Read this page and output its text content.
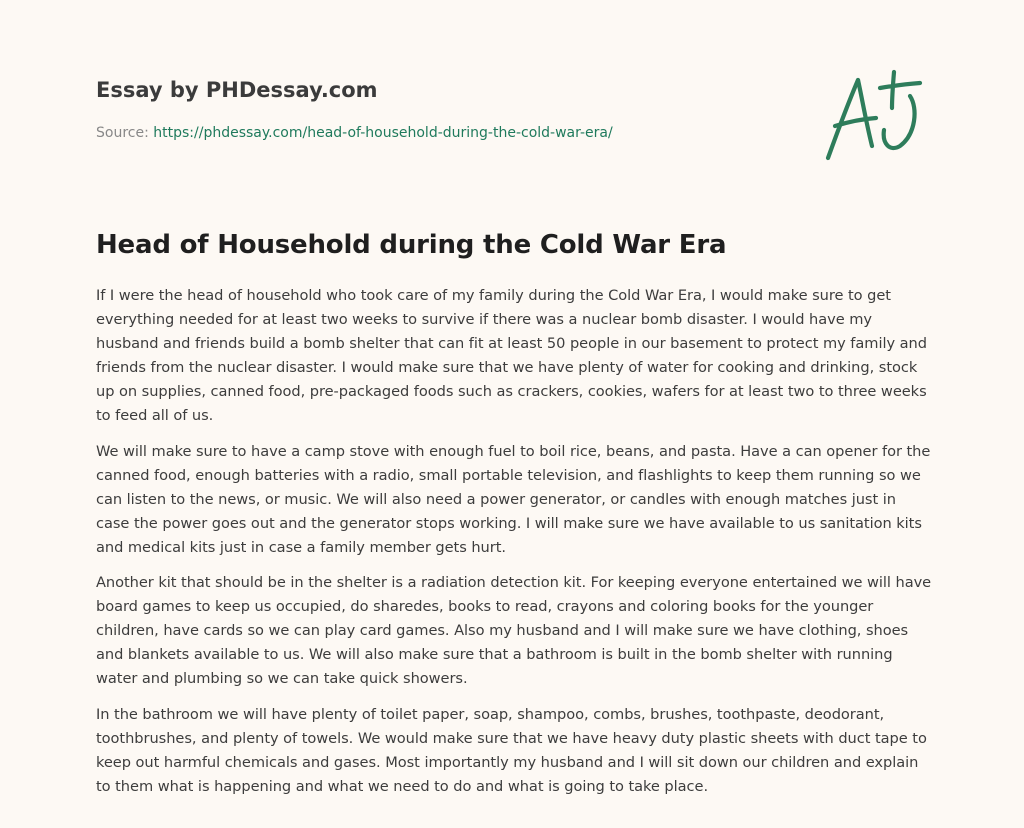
Essay by PHDessay.com
Source: https://phdessay.com/head-of-household-during-the-cold-war-era/
Head of Household during the Cold War Era

If I were the head of household who took care of my family during the Cold War Era, I would make sure to get everything needed for at least two weeks to survive if there was a nuclear bomb disaster. I would have my husband and friends build a bomb shelter that can fit at least 50 people in our basement to protect my family and friends from the nuclear disaster. I would make sure that we have plenty of water for cooking and drinking, stock up on supplies, canned food, pre-packaged foods such as crackers, cookies, wafers for at least two to three weeks to feed all of us.

We will make sure to have a camp stove with enough fuel to boil rice, beans, and pasta. Have a can opener for the canned food, enough batteries with a radio, small portable television, and flashlights to keep them running so we can listen to the news, or music. We will also need a power generator, or candles with enough matches just in case the power goes out and the generator stops working. I will make sure we have available to us sanitation kits and medical kits just in case a family member gets hurt.

Another kit that should be in the shelter is a radiation detection kit. For keeping everyone entertained we will have board games to keep us occupied, do sharedes, books to read, crayons and coloring books for the younger children, have cards so we can play card games. Also my husband and I will make sure we have clothing, shoes and blankets available to us. We will also make sure that a bathroom is built in the bomb shelter with running water and plumbing so we can take quick showers.

In the bathroom we will have plenty of toilet paper, soap, shampoo, combs, brushes, toothpaste, deodorant, toothbrushes, and plenty of towels. We would make sure that we have heavy duty plastic sheets with duct tape to keep out harmful chemicals and gases. Most importantly my husband and I will sit down our children and explain to them what is happening and what we need to do and what is going to take place.
